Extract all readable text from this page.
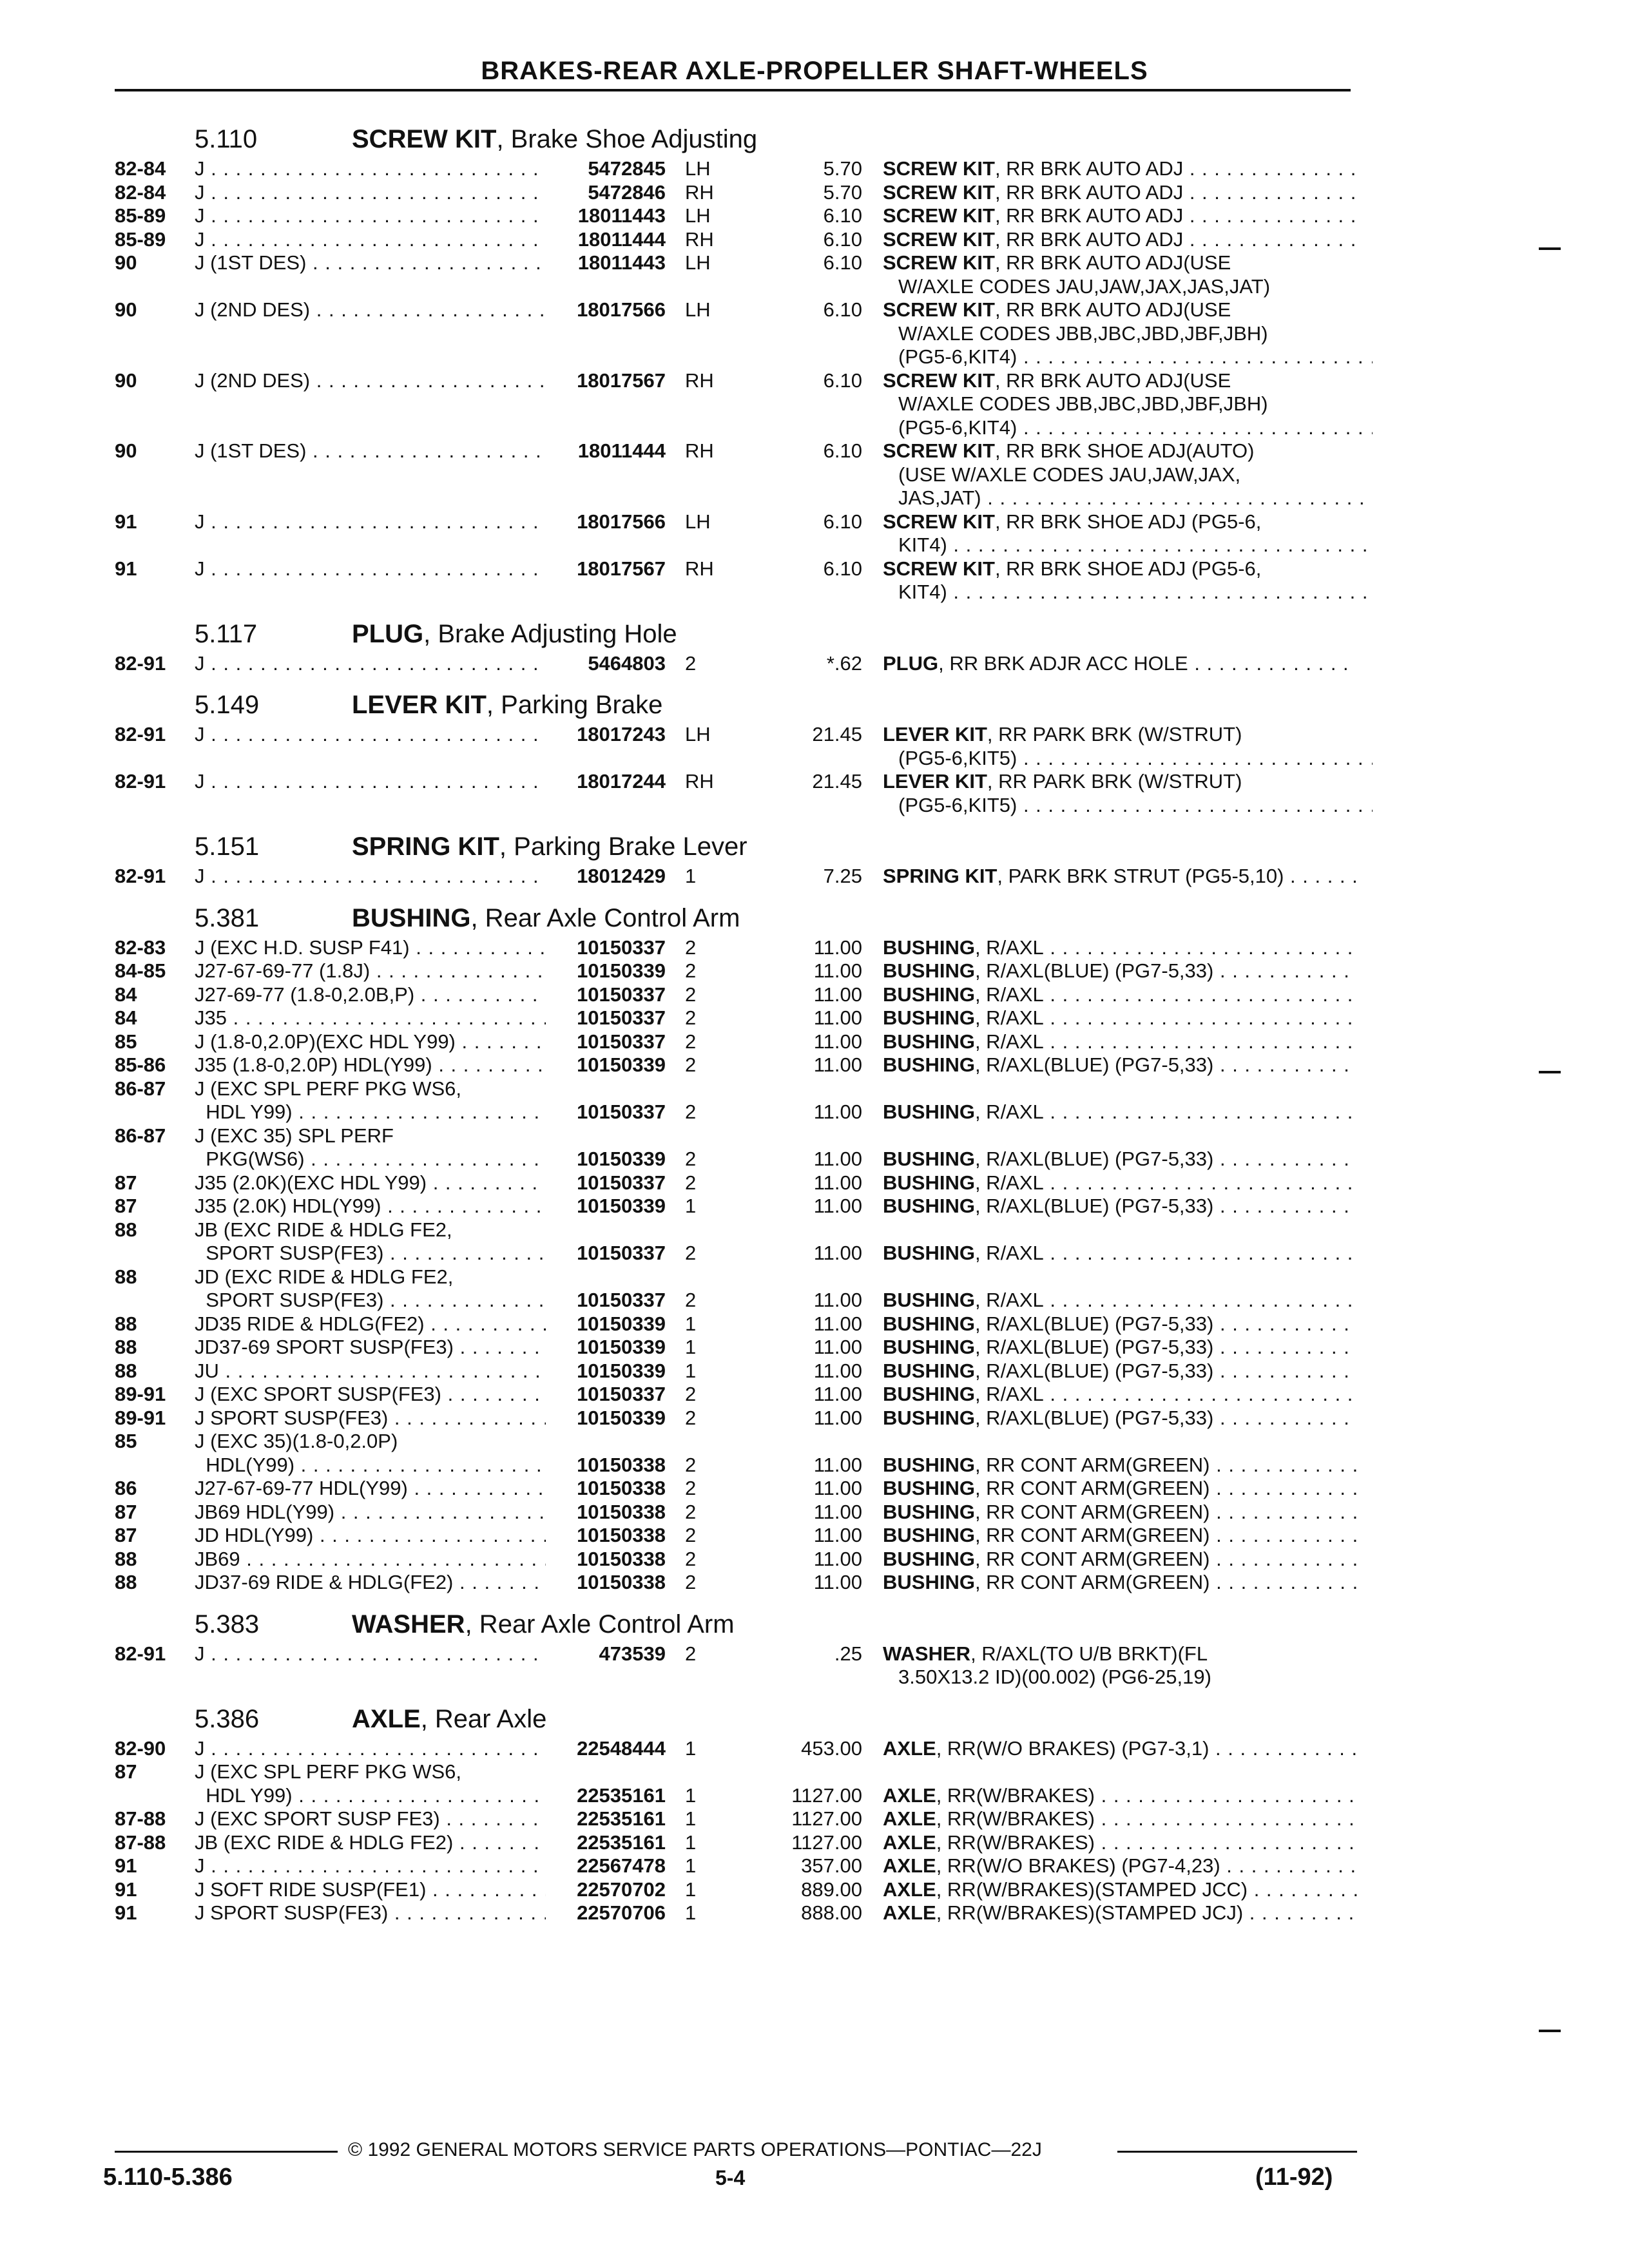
BRAKES-REAR AXLE-PROPELLER SHAFT-WHEELS
5.110	SCREW KIT, Brake Shoe Adjusting
82-84 J . . .	5472845 LH	5.70 SCREW KIT, RR BRK AUTO ADJ . . .
82-84 J . . .	5472846 RH	5.70 SCREW KIT, RR BRK AUTO ADJ . . .
85-89 J . . .	18011443 LH	6.10 SCREW KIT, RR BRK AUTO ADJ . . .
85-89 J . . .	18011444 RH	6.10 SCREW KIT, RR BRK AUTO ADJ . . .
90	J (1ST DES) . . .	18011443 LH	6.10 SCREW KIT, RR BRK AUTO ADJ(USE
W/AXLE CODES JAU,JAW,JAX,JAS,JAT)
90	J (2ND DES) . . .	18017566 LH	6.10 SCREW KIT, RR BRK AUTO ADJ(USE
W/AXLE CODES JBB,JBC,JBD,JBF,JBH)
(PG5-6,KIT4) . . .
90	J (2ND DES) . . .	18017567 RH	6.10 SCREW KIT, RR BRK AUTO ADJ(USE
W/AXLE CODES JBB,JBC,JBD,JBF,JBH)
(PG5-6,KIT4) . . .
90	J (1ST DES) . . .	18011444 RH	6.10 SCREW KIT, RR BRK SHOE ADJ(AUTO)
(USE W/AXLE CODES JAU,JAW,JAX,
JAS,JAT) . . .
91	J . . .	18017566 LH	6.10 SCREW KIT, RR BRK SHOE ADJ (PG5-6,
KIT4) . . .
91	J . . .	18017567 RH	6.10 SCREW KIT, RR BRK SHOE ADJ (PG5-6,
KIT4) . . .
5.117	PLUG, Brake Adjusting Hole
82-91 J . . .	5464803 2	*.62 PLUG, RR BRK ADJR ACC HOLE . . .
5.149	LEVER KIT, Parking Brake
82-91 J . . .	18017243 LH	21.45 LEVER KIT, RR PARK BRK (W/STRUT)
(PG5-6,KIT5) . . .
82-91 J . . .	18017244 RH	21.45 LEVER KIT, RR PARK BRK (W/STRUT)
(PG5-6,KIT5) . . .
5.151	SPRING KIT, Parking Brake Lever
82-91 J . . .	18012429 1	7.25 SPRING KIT, PARK BRK STRUT (PG5-5,10) . . .
5.381	BUSHING, Rear Axle Control Arm
82-83 J (EXC H.D. SUSP F41) . . .	10150337 2	11.00 BUSHING, R/AXL . . .
84-85 J27-67-69-77 (1.8J) . . .	10150339 2	11.00 BUSHING, R/AXL(BLUE) (PG7-5,33) . . .
84	J27-69-77 (1.8-0,2.0B,P) . . .	10150337 2	11.00 BUSHING, R/AXL . . .
84	J35 . . .	10150337 2	11.00 BUSHING, R/AXL . . .
85	J (1.8-0,2.0P)(EXC HDL Y99) . . .	10150337 2	11.00 BUSHING, R/AXL . . .
85-86 J35 (1.8-0,2.0P) HDL(Y99) . . .	10150339 2	11.00 BUSHING, R/AXL(BLUE) (PG7-5,33) . . .
86-87 J (EXC SPL PERF PKG WS6,
HDL Y99) . . .	10150337 2	11.00 BUSHING, R/AXL . . .
86-87 J (EXC 35) SPL PERF
PKG(WS6) . . .	10150339 2	11.00 BUSHING, R/AXL(BLUE) (PG7-5,33) . . .
87	J35 (2.0K)(EXC HDL Y99) . . .	10150337 2	11.00 BUSHING, R/AXL . . .
87	J35 (2.0K) HDL(Y99) . . .	10150339 1	11.00 BUSHING, R/AXL(BLUE) (PG7-5,33) . . .
88	JB (EXC RIDE & HDLG FE2,
SPORT SUSP(FE3) . . .	10150337 2	11.00 BUSHING, R/AXL . . .
88	JD (EXC RIDE & HDLG FE2,
SPORT SUSP(FE3) . . .	10150337 2	11.00 BUSHING, R/AXL . . .
88	JD35 RIDE & HDLG(FE2) . . .	10150339 1	11.00 BUSHING, R/AXL(BLUE) (PG7-5,33) . . .
88	JD37-69 SPORT SUSP(FE3) . . .	10150339 1	11.00 BUSHING, R/AXL(BLUE) (PG7-5,33) . . .
88	JU . . .	10150339 1	11.00 BUSHING, R/AXL(BLUE) (PG7-5,33) . . .
89-91 J (EXC SPORT SUSP(FE3) . . .	10150337 2	11.00 BUSHING, R/AXL . . .
89-91 J SPORT SUSP(FE3) . . .	10150339 2	11.00 BUSHING, R/AXL(BLUE) (PG7-5,33) . . .
85	J (EXC 35)(1.8-0,2.0P)
HDL(Y99) . . .	10150338 2	11.00 BUSHING, RR CONT ARM(GREEN) . . .
86	J27-67-69-77 HDL(Y99) . . .	10150338 2	11.00 BUSHING, RR CONT ARM(GREEN) . . .
87	JB69 HDL(Y99) . . .	10150338 2	11.00 BUSHING, RR CONT ARM(GREEN) . . .
87	JD HDL(Y99) . . .	10150338 2	11.00 BUSHING, RR CONT ARM(GREEN) . . .
88	JB69 . . .	10150338 2	11.00 BUSHING, RR CONT ARM(GREEN) . . .
88	JD37-69 RIDE & HDLG(FE2) . . .	10150338 2	11.00 BUSHING, RR CONT ARM(GREEN) . . .
5.383	WASHER, Rear Axle Control Arm
82-91 J . . .	473539 2	.25 WASHER, R/AXL(TO U/B BRKT)(FL
3.50X13.2 ID)(00.002) (PG6-25,19)
5.386	AXLE, Rear Axle
82-90 J . . .	22548444 1	453.00 AXLE, RR(W/O BRAKES) (PG7-3,1) . . .
87	J (EXC SPL PERF PKG WS6,
HDL Y99) . . .	22535161 1	1127.00 AXLE, RR(W/BRAKES) . . .
87-88 J (EXC SPORT SUSP FE3) . . .	22535161 1	1127.00 AXLE, RR(W/BRAKES) . . .
87-88 JB (EXC RIDE & HDLG FE2) . . .	22535161 1	1127.00 AXLE, RR(W/BRAKES) . . .
91	J . . .	22567478 1	357.00 AXLE, RR(W/O BRAKES) (PG7-4,23) . . .
91	J SOFT RIDE SUSP(FE1) . . .	22570702 1	889.00 AXLE, RR(W/BRAKES)(STAMPED JCC) . . .
91	J SPORT SUSP(FE3) . . .	22570706 1	888.00 AXLE, RR(W/BRAKES)(STAMPED JCJ) . . .
© 1992 GENERAL MOTORS SERVICE PARTS OPERATIONS—PONTIAC—22J
5.110-5.386	5-4	(11-92)
